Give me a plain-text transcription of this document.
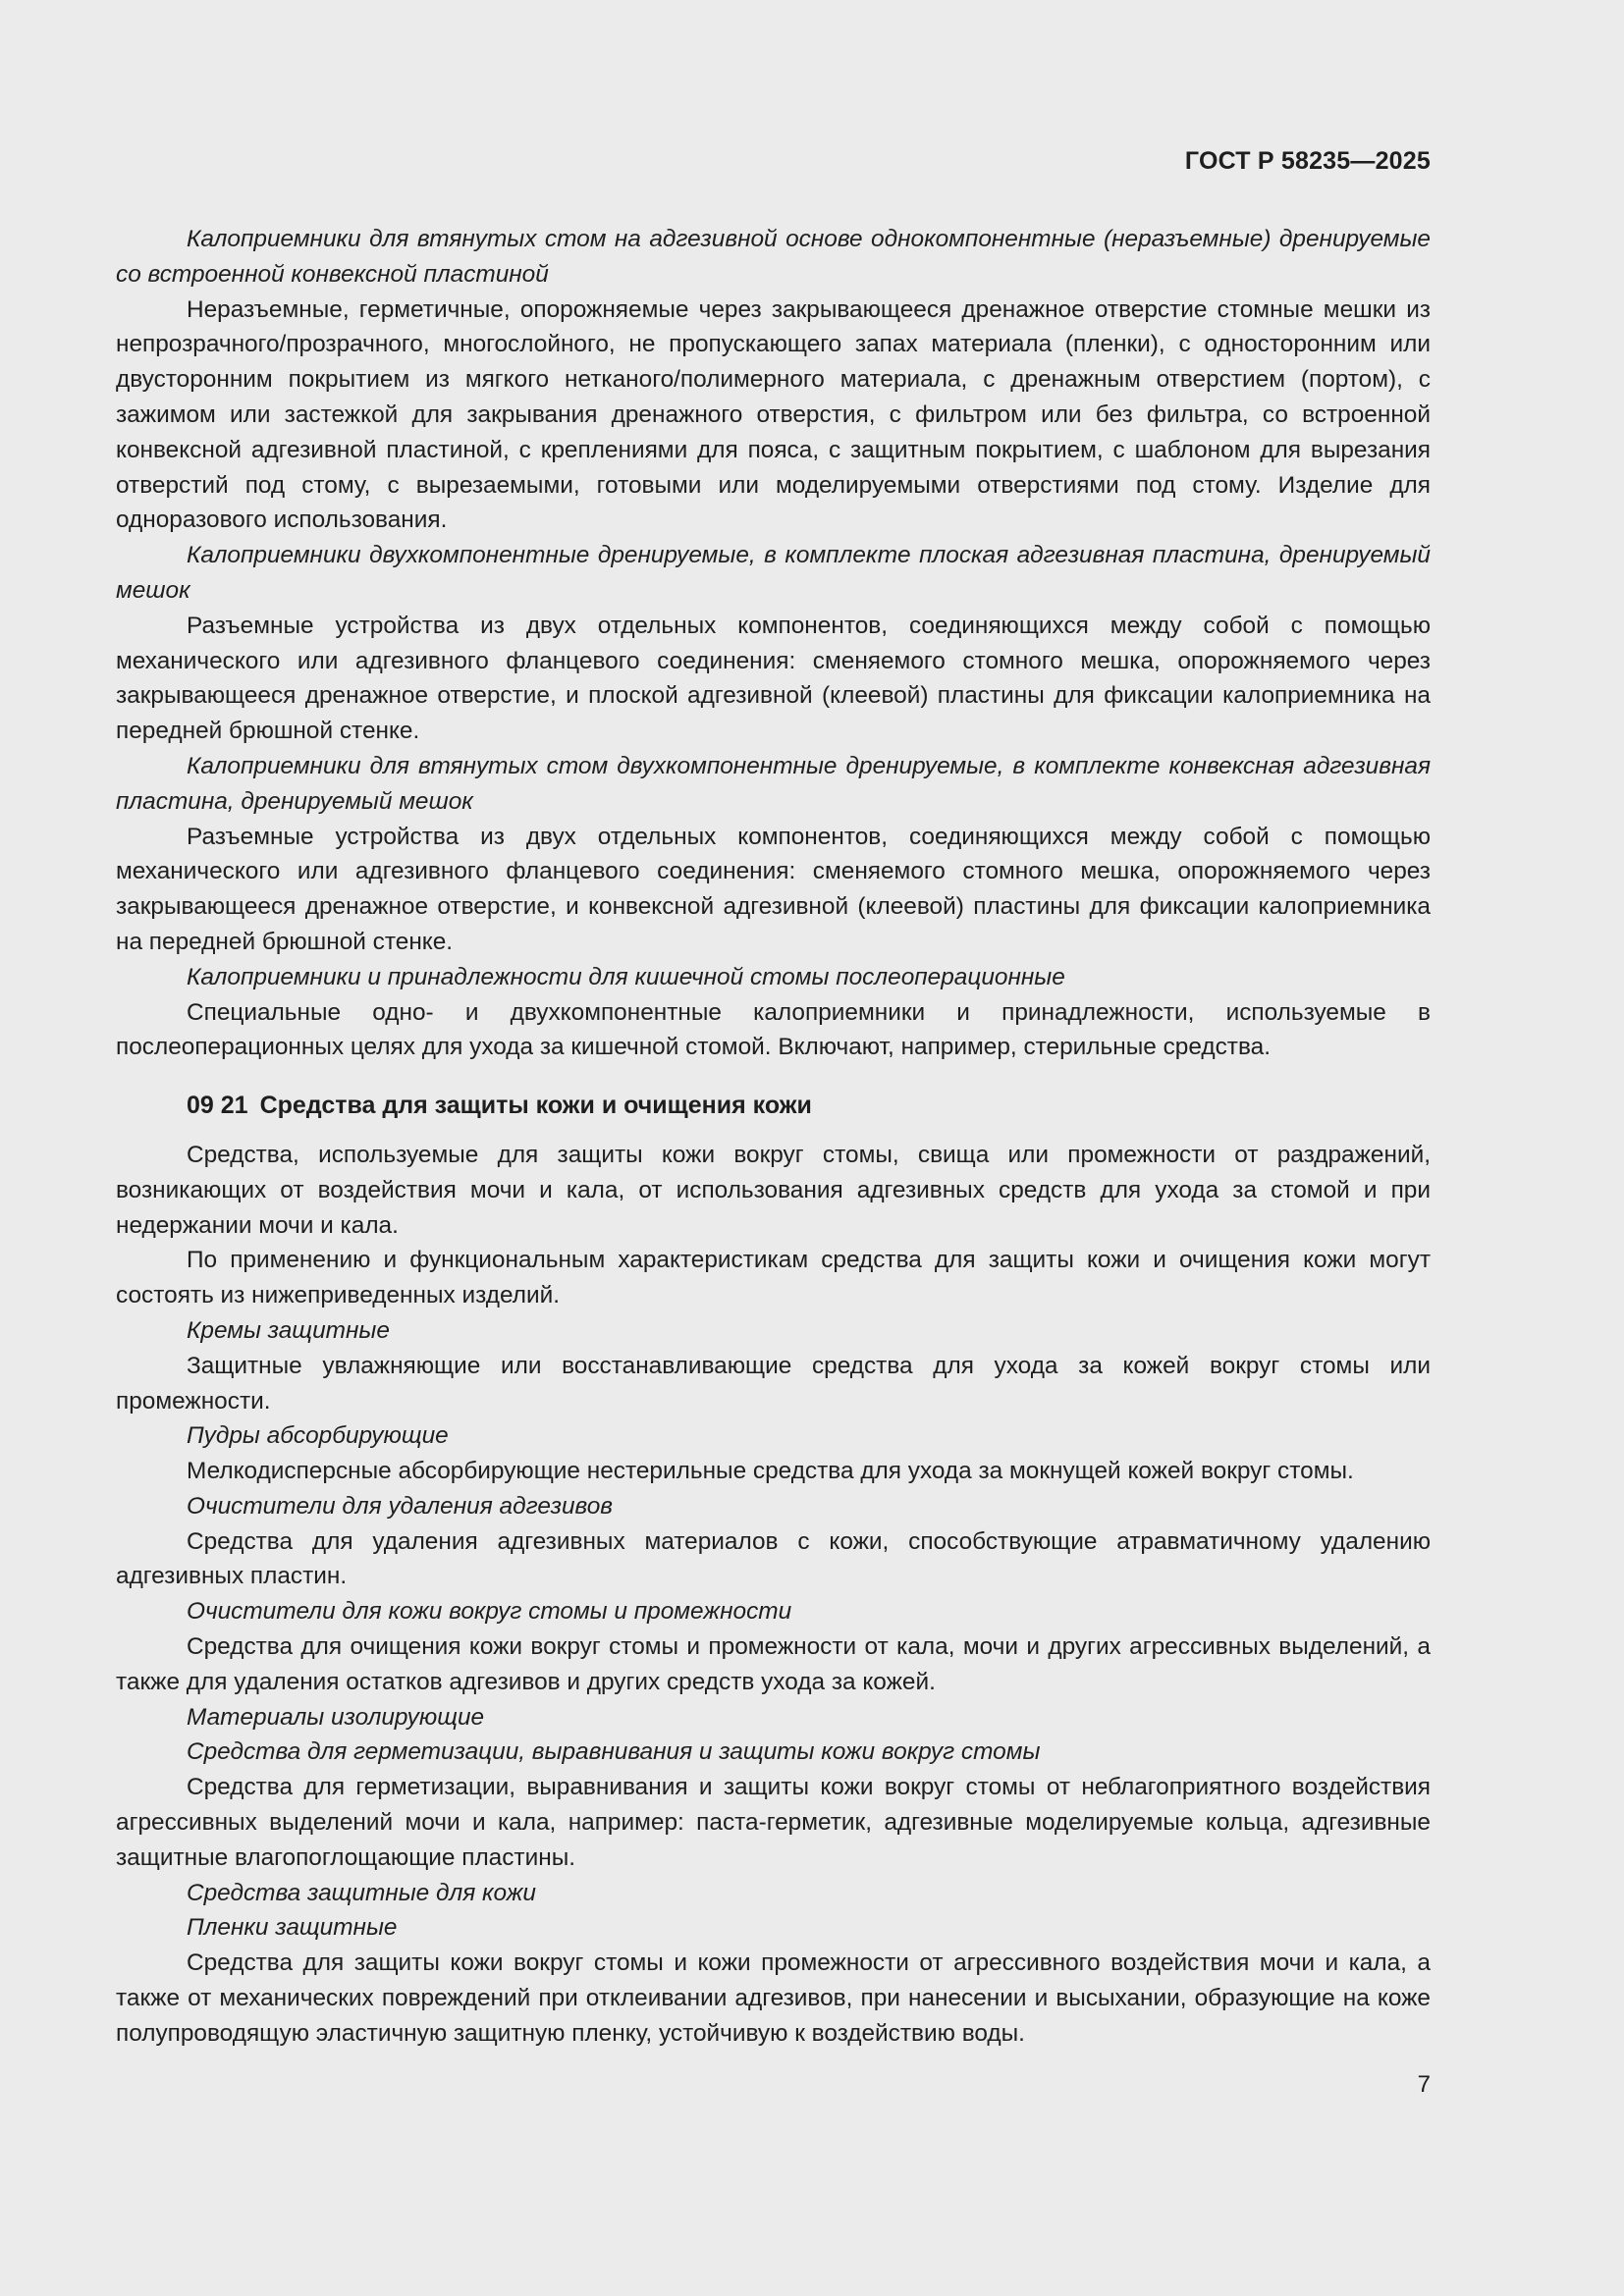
ГОСТ Р 58235—2025

Калоприемники для втянутых стом на адгезивной основе однокомпонентные (неразъемные) дренируемые со встроенной конвексной пластиной

Неразъемные, герметичные, опорожняемые через закрывающееся дренажное отверстие стомные мешки из непрозрачного/прозрачного, многослойного, не пропускающего запах материала (пленки), с односторонним или двусторонним покрытием из мягкого нетканого/полимерного материала, с дренажным отверстием (портом), с зажимом или застежкой для закрывания дренажного отверстия, с фильтром или без фильтра, со встроенной конвексной адгезивной пластиной, с креплениями для пояса, с защитным покрытием, с шаблоном для вырезания отверстий под стому, с вырезаемыми, готовыми или моделируемыми отверстиями под стому. Изделие для одноразового использования.

Калоприемники двухкомпонентные дренируемые, в комплекте плоская адгезивная пластина, дренируемый мешок

Разъемные устройства из двух отдельных компонентов, соединяющихся между собой с помощью механического или адгезивного фланцевого соединения: сменяемого стомного мешка, опорожняемого через закрывающееся дренажное отверстие, и плоской адгезивной (клеевой) пластины для фиксации калоприемника на передней брюшной стенке.

Калоприемники для втянутых стом двухкомпонентные дренируемые, в комплекте конвексная адгезивная пластина, дренируемый мешок

Разъемные устройства из двух отдельных компонентов, соединяющихся между собой с помощью механического или адгезивного фланцевого соединения: сменяемого стомного мешка, опорожняемого через закрывающееся дренажное отверстие, и конвексной адгезивной (клеевой) пластины для фиксации калоприемника на передней брюшной стенке.

Калоприемники и принадлежности для кишечной стомы послеоперационные

Специальные одно- и двухкомпонентные калоприемники и принадлежности, используемые в послеоперационных целях для ухода за кишечной стомой. Включают, например, стерильные средства.

09 21 Средства для защиты кожи и очищения кожи

Средства, используемые для защиты кожи вокруг стомы, свища или промежности от раздражений, возникающих от воздействия мочи и кала, от использования адгезивных средств для ухода за стомой и при недержании мочи и кала.

По применению и функциональным характеристикам средства для защиты кожи и очищения кожи могут состоять из нижеприведенных изделий.

Кремы защитные

Защитные увлажняющие или восстанавливающие средства для ухода за кожей вокруг стомы или промежности.

Пудры абсорбирующие

Мелкодисперсные абсорбирующие нестерильные средства для ухода за мокнущей кожей вокруг стомы.

Очистители для удаления адгезивов

Средства для удаления адгезивных материалов с кожи, способствующие атравматичному удалению адгезивных пластин.

Очистители для кожи вокруг стомы и промежности

Средства для очищения кожи вокруг стомы и промежности от кала, мочи и других агрессивных выделений, а также для удаления остатков адгезивов и других средств ухода за кожей.

Материалы изолирующие

Средства для герметизации, выравнивания и защиты кожи вокруг стомы

Средства для герметизации, выравнивания и защиты кожи вокруг стомы от неблагоприятного воздействия агрессивных выделений мочи и кала, например: паста-герметик, адгезивные моделируемые кольца, адгезивные защитные влагопоглощающие пластины.

Средства защитные для кожи

Пленки защитные

Средства для защиты кожи вокруг стомы и кожи промежности от агрессивного воздействия мочи и кала, а также от механических повреждений при отклеивании адгезивов, при нанесении и высыхании, образующие на коже полупроводящую эластичную защитную пленку, устойчивую к воздействию воды.

7
